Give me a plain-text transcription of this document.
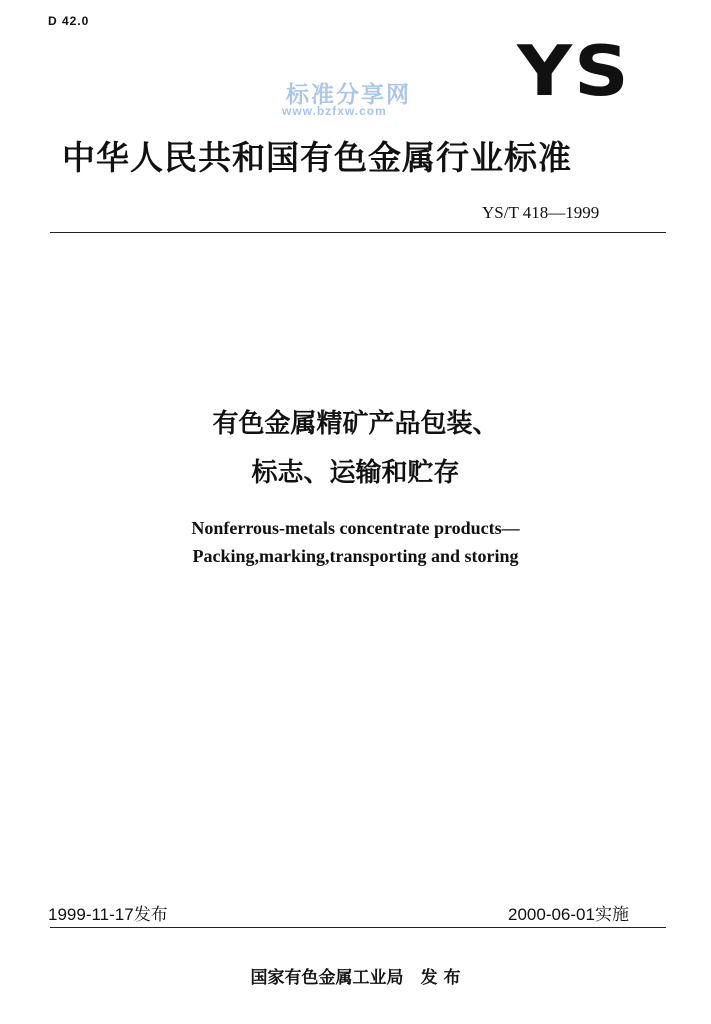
D 42.0
标准分享网
www.bzfxw.com YS
中华人民共和国有色金属行业标准
YS/T 418—1999
有色金属精矿产品包装、
标志、运输和贮存
Nonferrous-metals concentrate products—
Packing,marking,transporting and storing
1999-11-17发布	2000-06-01实施
国家有色金属工业局　发 布
